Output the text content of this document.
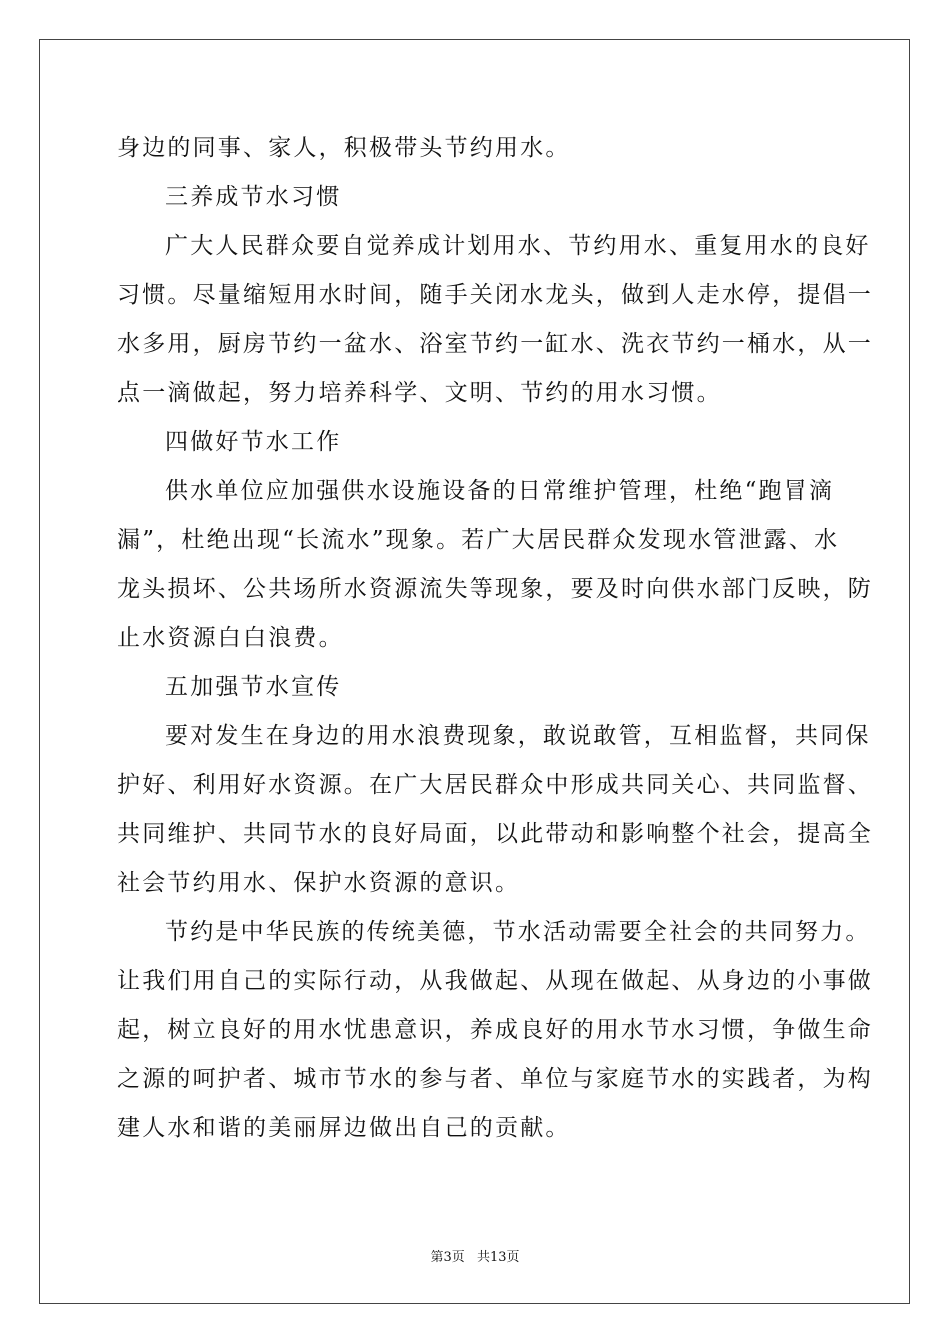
身边的同事、家人，积极带头节约用水。
三养成节水习惯
广大人民群众要自觉养成计划用水、节约用水、重复用水的良好
习惯。尽量缩短用水时间，随手关闭水龙头，做到人走水停，提倡一
水多用，厨房节约一盆水、浴室节约一缸水、洗衣节约一桶水，从一
点一滴做起，努力培养科学、文明、节约的用水习惯。
四做好节水工作
供水单位应加强供水设施设备的日常维护管理，杜绝“跑冒滴
漏”，杜绝出现“长流水”现象。若广大居民群众发现水管泄露、水
龙头损坏、公共场所水资源流失等现象，要及时向供水部门反映，防
止水资源白白浪费。
五加强节水宣传
要对发生在身边的用水浪费现象，敢说敢管，互相监督，共同保
护好、利用好水资源。在广大居民群众中形成共同关心、共同监督、
共同维护、共同节水的良好局面，以此带动和影响整个社会，提高全
社会节约用水、保护水资源的意识。
节约是中华民族的传统美德，节水活动需要全社会的共同努力。
让我们用自己的实际行动，从我做起、从现在做起、从身边的小事做
起，树立良好的用水忧患意识，养成良好的用水节水习惯，争做生命
之源的呵护者、城市节水的参与者、单位与家庭节水的实践者，为构
建人水和谐的美丽屏边做出自己的贡献。
第3页 共13页
